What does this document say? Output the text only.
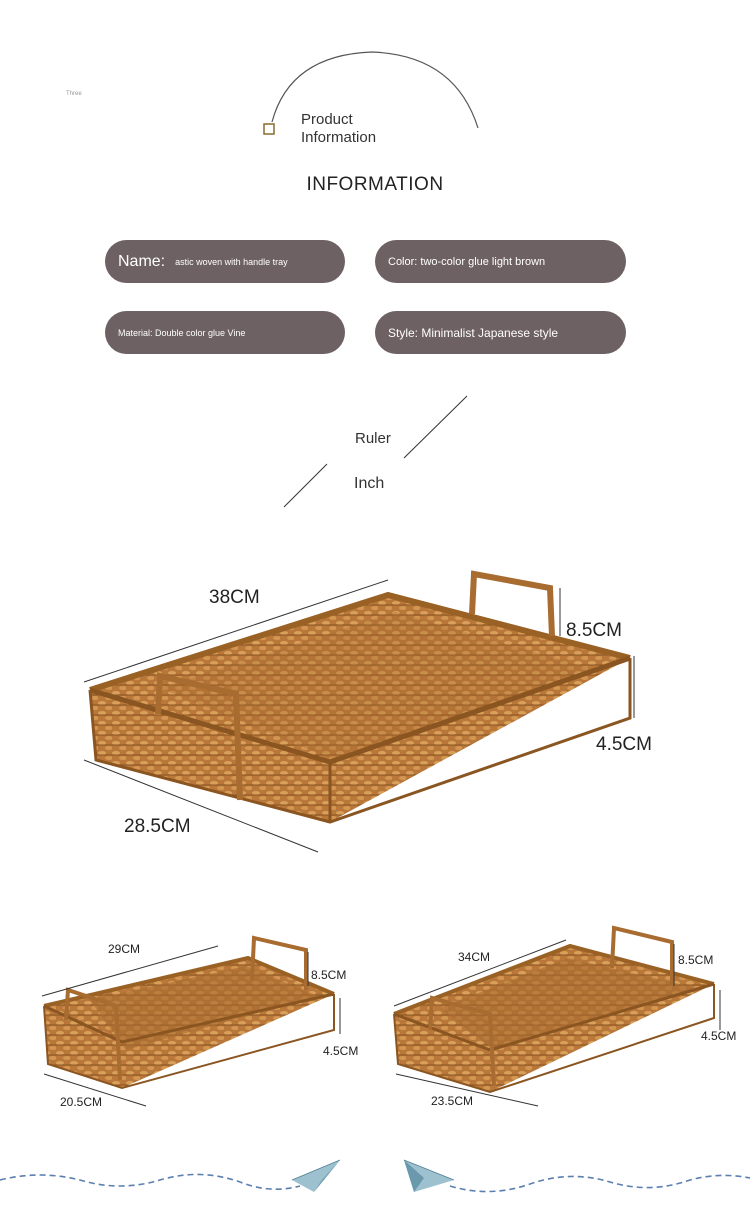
Three
Product
Information
INFORMATION
Name: astic woven with handle tray	Color: two-color glue light brown
Material: Double color glue Vine	Style: Minimalist Japanese style
Ruler
Inch
38CM
8.5CM
4.5CM
28.5CM
29CM
8.5CM
4.5CM
20.5CM
34CM	8.5CM
4.5CM
23.5CM
